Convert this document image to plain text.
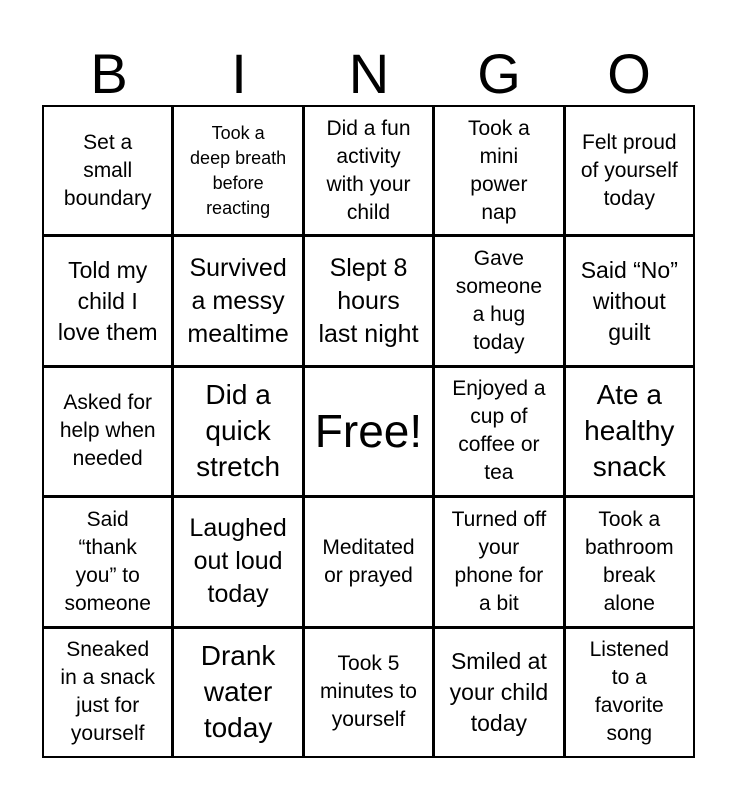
B	I	N	G	O
Set a
small
boundary
Took a
deep breath
before
reacting
Did a fun
activity
with your
child
Took a
mini
power
nap
Felt proud
of yourself
today
Told my
child I
love them
Survived
a messy
mealtime
Slept 8
hours
last night
Gave
someone
a hug
today
Said “No”
without
guilt
Asked for
help when
needed
Did a
quick
stretch
Free!
Enjoyed a
cup of
coffee or
tea
Ate a
healthy
snack
Said
“thank
you” to
someone
Laughed
out loud
today
Meditated
or prayed
Turned off
your
phone for
a bit
Took a
bathroom
break
alone
Sneaked
in a snack
just for
yourself
Drank
water
today
Took 5
minutes to
yourself
Smiled at
your child
today
Listened
to a
favorite
song
